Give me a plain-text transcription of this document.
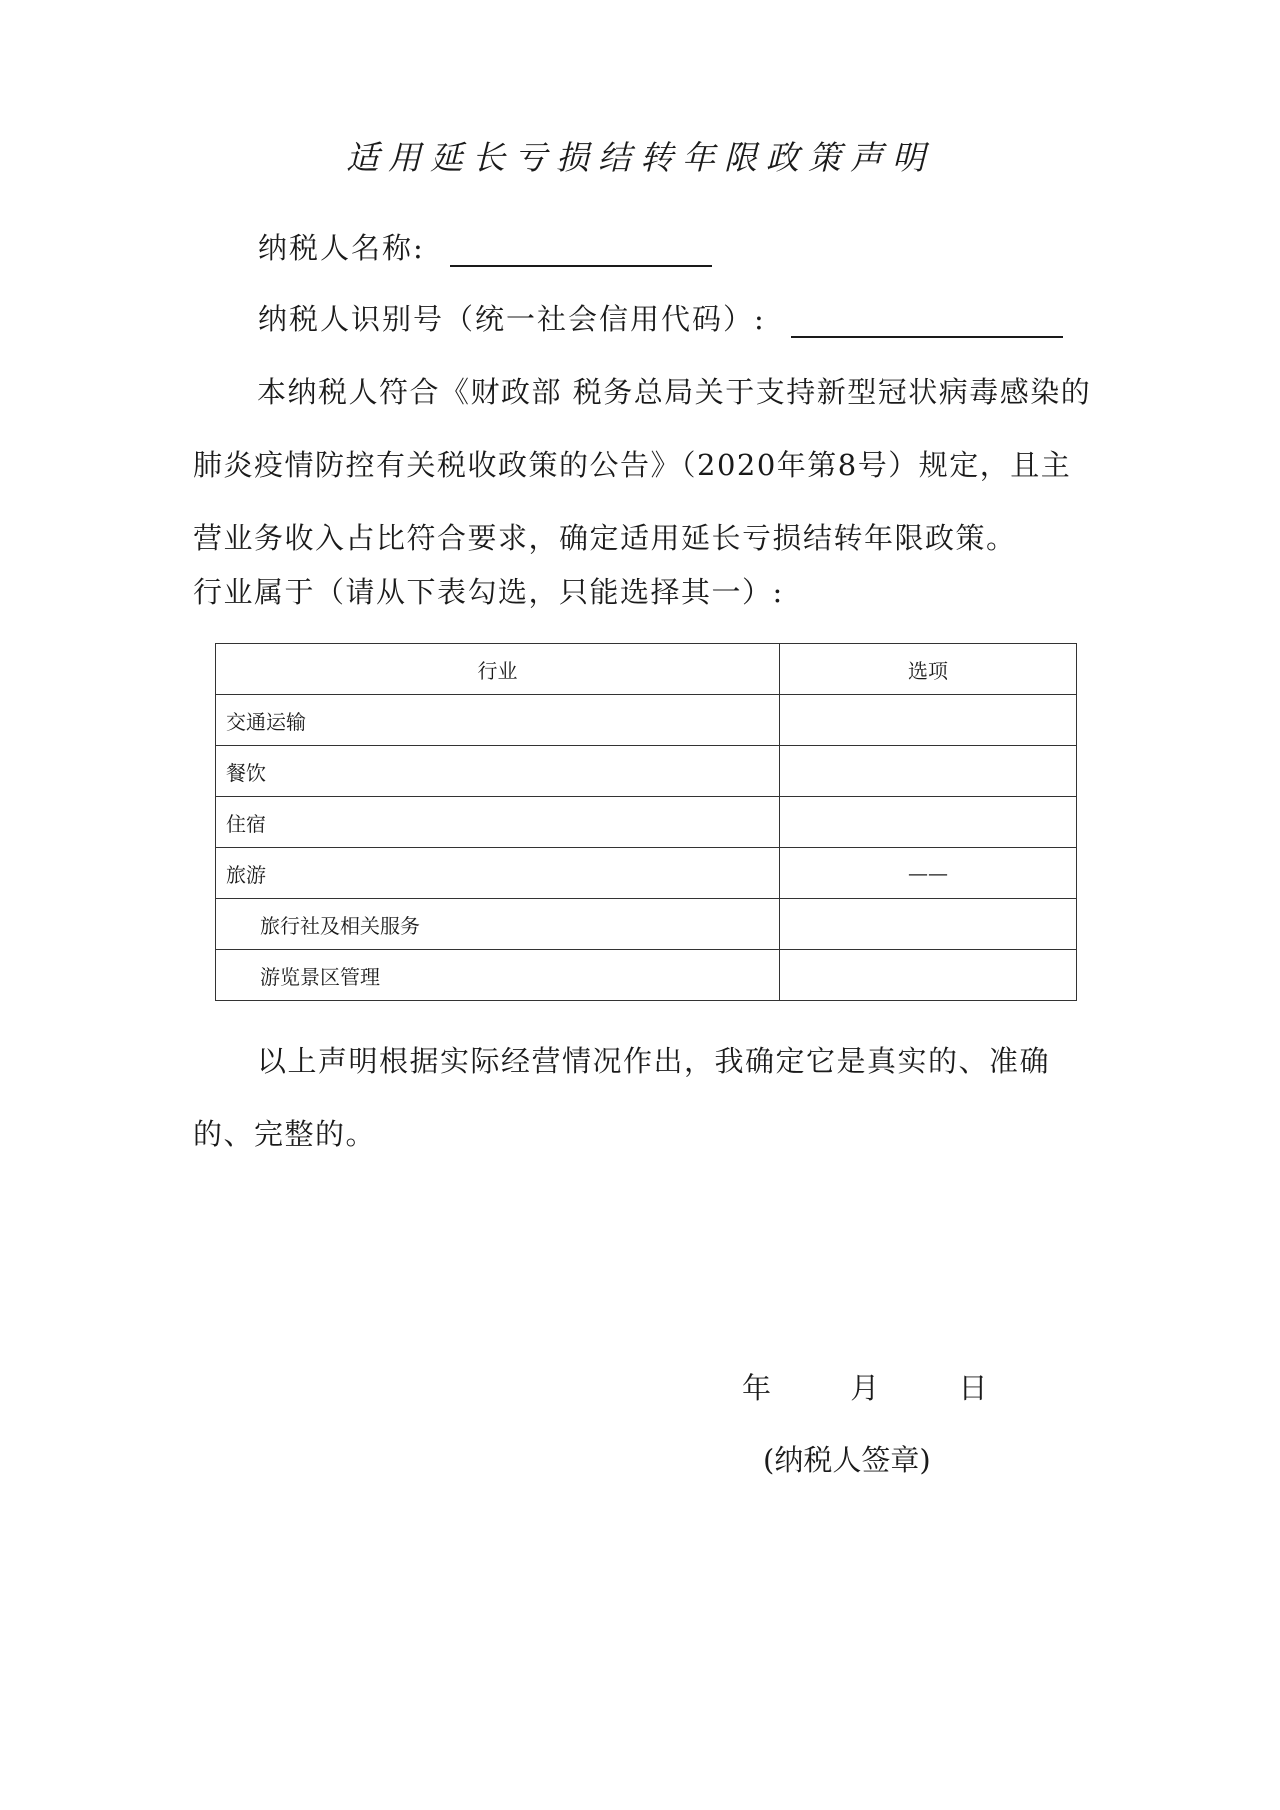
适用延长亏损结转年限政策声明
纳税人名称:
纳税人识别号（统一社会信用代码）:

本纳税人符合《财政部 税务总局关于支持新型冠状病毒感染的肺炎疫情防控有关税收政策的公告》（2020年第8号）规定，且主营业务收入占比符合要求，确定适用延长亏损结转年限政策。

行业属于（请从下表勾选，只能选择其一）:

行业	选项
交通运输	
餐饮	
住宿	
旅游	——
旅行社及相关服务	
游览景区管理	

以上声明根据实际经营情况作出，我确定它是真实的、准确的、完整的。

年	月	日
(纳税人签章)
